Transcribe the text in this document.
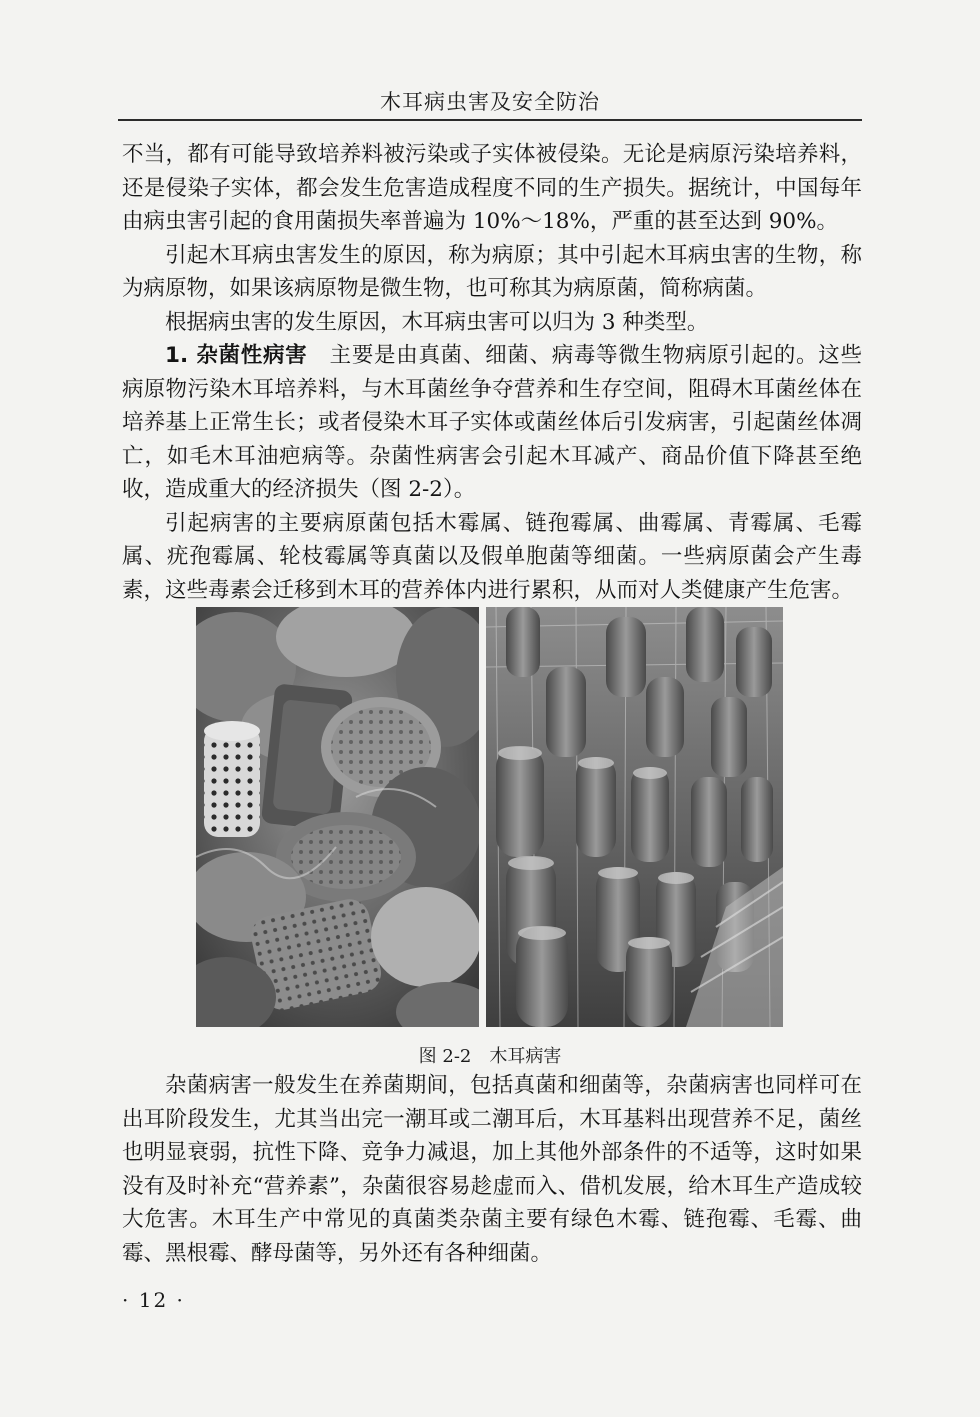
木耳病虫害及安全防治

不当，都有可能导致培养料被污染或子实体被侵染。无论是病原污染培养料，还是侵染子实体，都会发生危害造成程度不同的生产损失。据统计，中国每年由病虫害引起的食用菌损失率普遍为 10%～18%，严重的甚至达到 90%。

引起木耳病虫害发生的原因，称为病原；其中引起木耳病虫害的生物，称为病原物，如果该病原物是微生物，也可称其为病原菌，简称病菌。

根据病虫害的发生原因，木耳病虫害可以归为 3 种类型。

1. 杂菌性病害　 主要是由真菌、细菌、病毒等微生物病原引起的。这些病原物污染木耳培养料，与木耳菌丝争夺营养和生存空间，阻碍木耳菌丝体在培养基上正常生长；或者侵染木耳子实体或菌丝体后引发病害，引起菌丝体凋亡，如毛木耳油疤病等。杂菌性病害会引起木耳减产、商品价值下降甚至绝收，造成重大的经济损失（图 2-2）。

引起病害的主要病原菌包括木霉属、链孢霉属、曲霉属、青霉属、毛霉属、疣孢霉属、轮枝霉属等真菌以及假单胞菌等细菌。一些病原菌会产生毒素，这些毒素会迁移到木耳的营养体内进行累积，从而对人类健康产生危害。

图 2-2 木耳病害

杂菌病害一般发生在养菌期间，包括真菌和细菌等，杂菌病害也同样可在出耳阶段发生，尤其当出完一潮耳或二潮耳后，木耳基料出现营养不足，菌丝也明显衰弱，抗性下降、竞争力减退，加上其他外部条件的不适等，这时如果没有及时补充“营养素”，杂菌很容易趁虚而入、借机发展，给木耳生产造成较大危害。木耳生产中常见的真菌类杂菌主要有绿色木霉、链孢霉、毛霉、曲霉、黑根霉、酵母菌等，另外还有各种细菌。

· 12 ·
